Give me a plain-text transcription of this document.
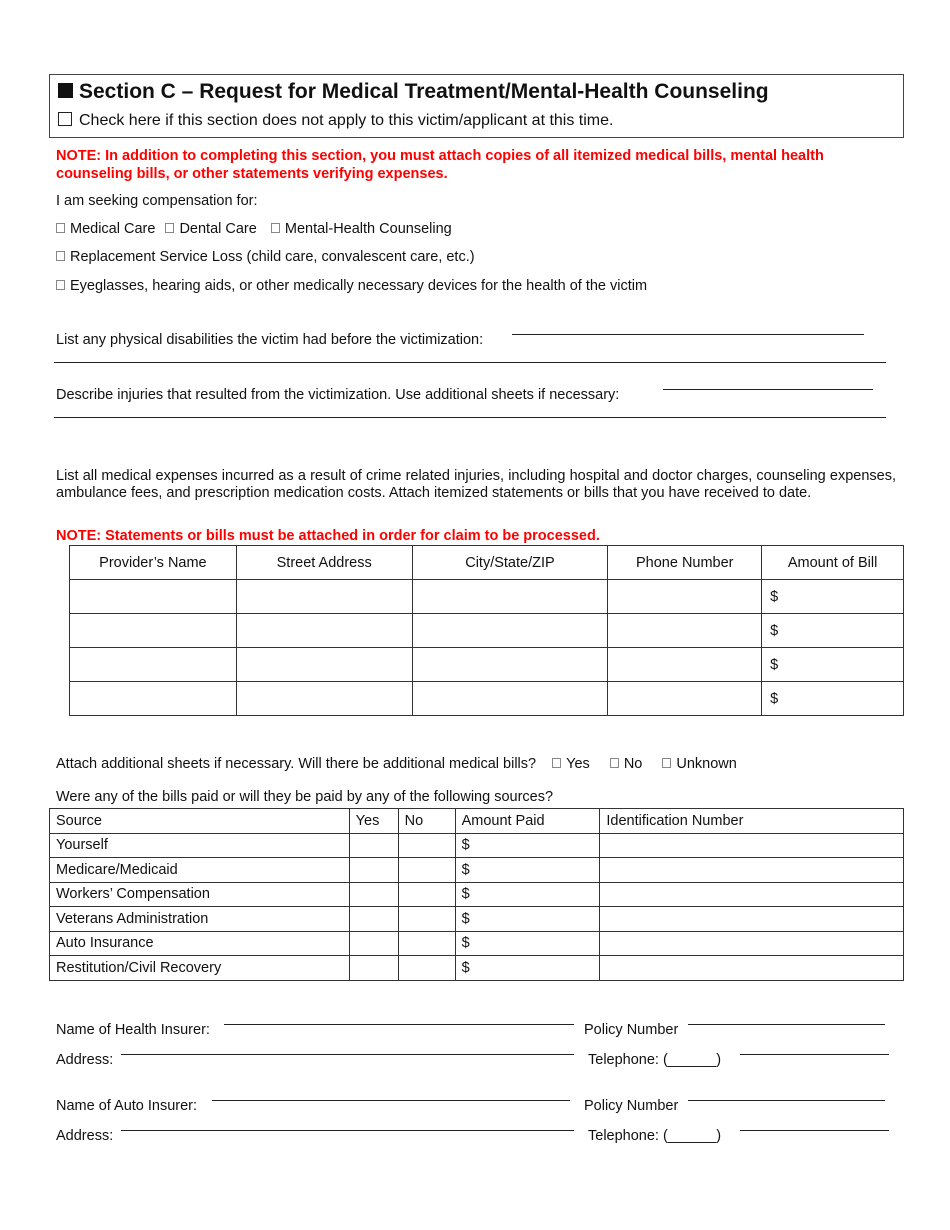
Section C – Request for Medical Treatment/Mental-Health Counseling
Check here if this section does not apply to this victim/applicant at this time.
NOTE: In addition to completing this section, you must attach copies of all itemized medical bills, mental health
counseling bills, or other statements verifying expenses.
I am seeking compensation for:
Medical Care Dental Care Mental-Health Counseling
Replacement Service Loss (child care, convalescent care, etc.)
Eyeglasses, hearing aids, or other medically necessary devices for the health of the victim
List any physical disabilities the victim had before the victimization:
Describe injuries that resulted from the victimization. Use additional sheets if necessary:
List all medical expenses incurred as a result of crime related injuries, including hospital and doctor charges, counseling expenses, ambulance fees, and prescription medication costs. Attach itemized statements or bills that you have received to date.
NOTE: Statements or bills must be attached in order for claim to be processed.
Provider’s Name	Street Address	City/State/ZIP	Phone Number	Amount of Bill
				$
				$
				$
				$
Attach additional sheets if necessary. Will there be additional medical bills? Yes No Unknown
Were any of the bills paid or will they be paid by any of the following sources?
Source	Yes	No	Amount Paid	Identification Number
Yourself			$	
Medicare/Medicaid			$	
Workers’ Compensation			$	
Veterans Administration			$	
Auto Insurance			$	
Restitution/Civil Recovery			$	
Name of Health Insurer:	Policy Number
Address:	Telephone: (______)
Name of Auto Insurer:	Policy Number
Address:	Telephone: (______)
